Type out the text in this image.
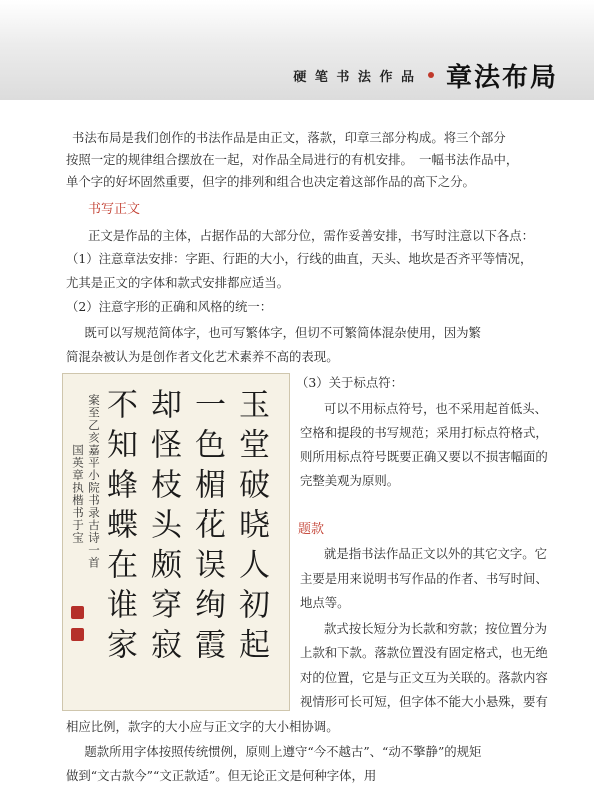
硬 笔 书 法 作 品 章法布局
书法布局是我们创作的书法作品是由正文，落款，印章三部分构成。将三个部分
按照一定的规律组合摆放在一起，对作品全局进行的有机安排。　一幅书法作品中，
单个字的好坏固然重要，但字的排列和组合也决定着这部作品的高下之分。
书写正文
正文是作品的主体，占据作品的大部分位，需作妥善安排，书写时注意以下各点：
（1）注意章法安排：字距、行距的大小，行线的曲直，天头、地坎是否齐平等情况，
尤其是正文的字体和款式安排都应适当。
（2）注意字形的正确和风格的统一：
　既可以写规范简体字，也可写繁体字，但切不可繁简体混杂使用，因为繁
简混杂被认为是创作者文化艺术素养不高的表现。
（3）关于标点符：
可以不用标点符号，也不采用起首低头、
空格和提段的书写规范；采用打标点符格式，
则所用标点符号既要正确又要以不损害幅面的
完整美观为原则。
题款
就是指书法作品正文以外的其它文字。它
主要是用来说明书写作品的作者、书写时间、
地点等。
款式按长短分为长款和穷款；按位置分为
上款和下款。落款位置没有固定格式，也无绝
对的位置，它是与正文互为关联的。落款内容
视情形可长可短，但字体不能大小悬殊，要有
相应比例，款字的大小应与正文字的大小相协调。
　题款所用字体按照传统惯例，原则上遵守“今不越古”、“动不擎静”的规矩
做到“文古款今”“文正款适”。但无论正文是何种字体，用
玉堂破晓人初起
一色楣花误绚霞
却怪枝头颇穿寂
不知蜂蝶在谁家
案至乙亥嘉平小院书录古诗一首
国英章执楷书于宝
